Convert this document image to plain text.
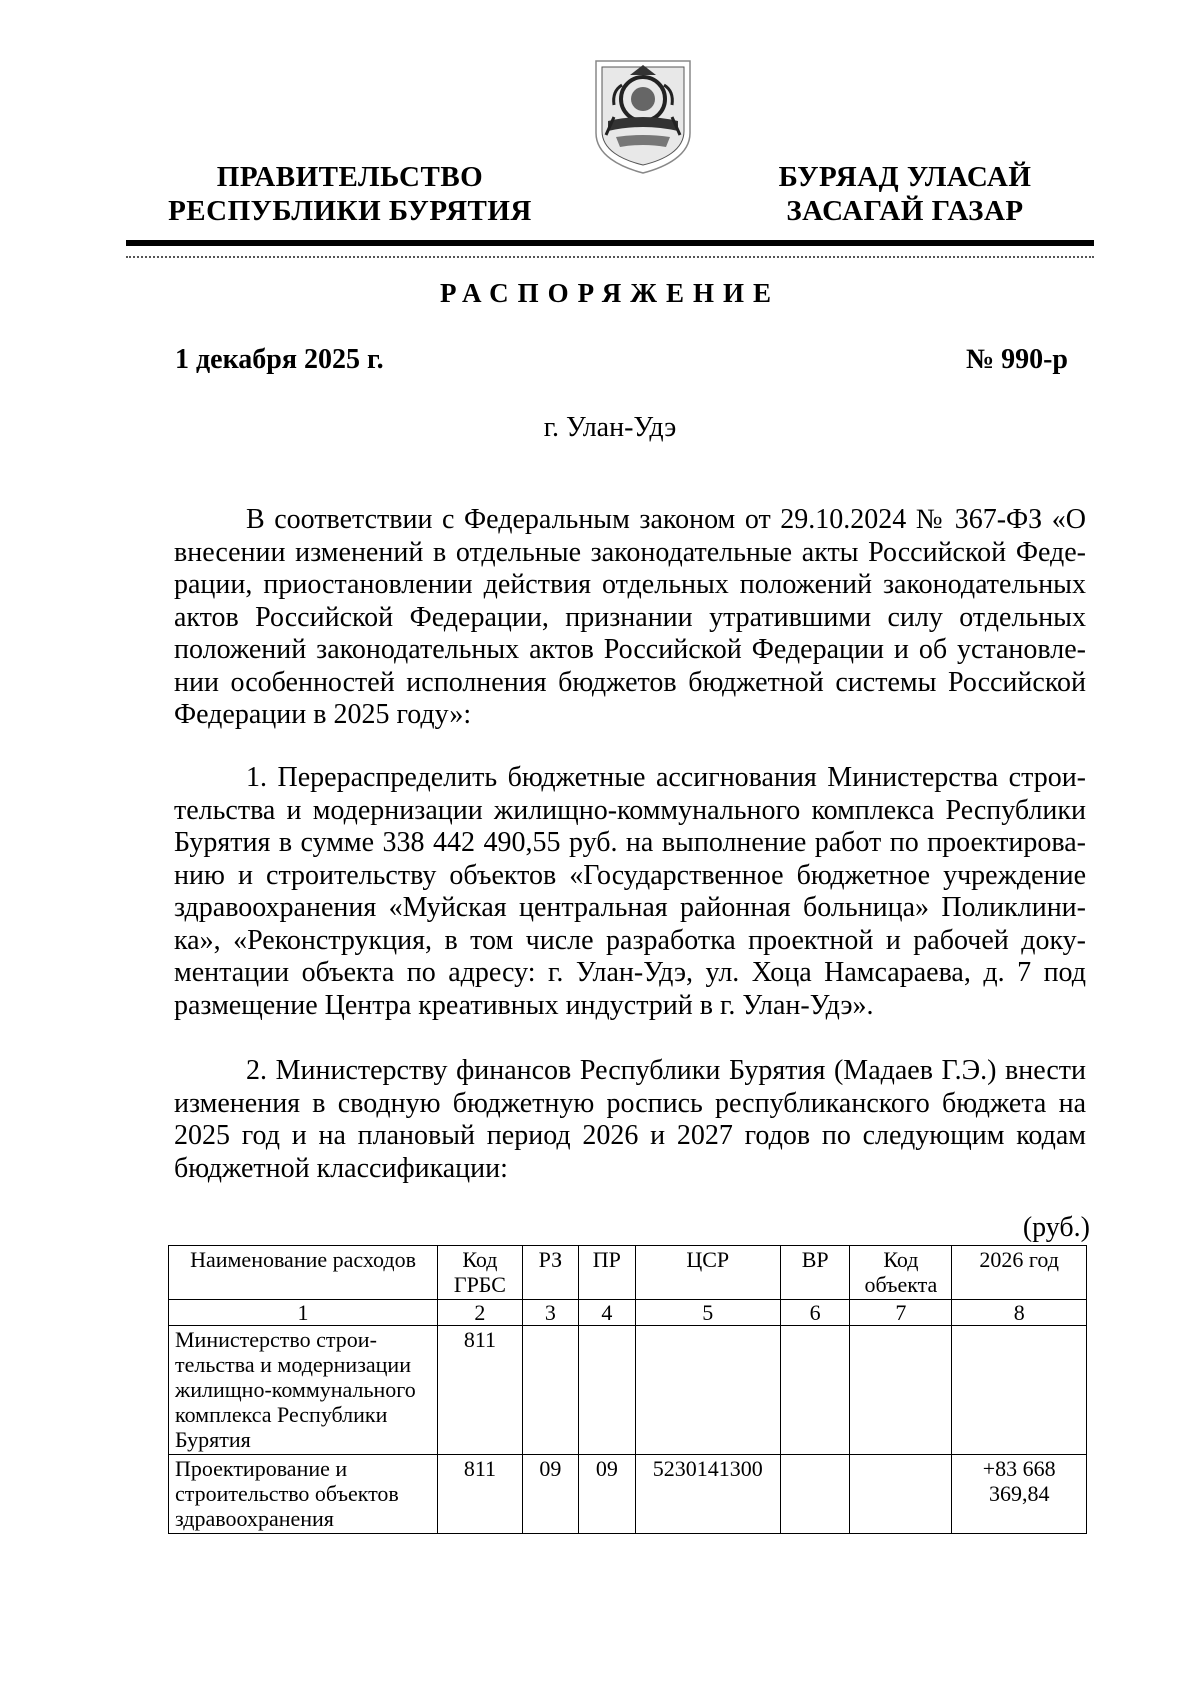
ПРАВИТЕЛЬСТВО
РЕСПУБЛИКИ БУРЯТИЯ
БУРЯАД УЛАСАЙ
ЗАСАГАЙ ГАЗАР
РАСПОРЯЖЕНИЕ
1 декабря 2025 г.	№ 990-р
г. Улан-Удэ

В соответствии с Федеральным законом от 29.10.2024 № 367-ФЗ «О внесении изменений в отдельные законодательные акты Российской Федерации, приостановлении действия отдельных положений законодательных актов Российской Федерации, признании утратившими силу отдельных положений законодательных актов Российской Федерации и об установлении особенностей исполнения бюджетов бюджетной системы Российской Федерации в 2025 году»:

1. Перераспределить бюджетные ассигнования Министерства строительства и модернизации жилищно-коммунального комплекса Республики Бурятия в сумме 338 442 490,55 руб. на выполнение работ по проектированию и строительству объектов «Государственное бюджетное учреждение здравоохранения «Муйская центральная районная больница» Поликлиника», «Реконструкция, в том числе разработка проектной и рабочей документации объекта по адресу: г. Улан-Удэ, ул. Хоца Намсараева, д. 7 под размещение Центра креативных индустрий в г. Улан-Удэ».

2. Министерству финансов Республики Бурятия (Мадаев Г.Э.) внести изменения в сводную бюджетную роспись республиканского бюджета на 2025 год и на плановый период 2026 и 2027 годов по следующим кодам бюджетной классификации:

(руб.)
Наименование расходов	Код ГРБС	РЗ	ПР	ЦСР	ВР	Код объекта	2026 год
1	2	3	4	5	6	7	8
Министерство строительства и модернизации жилищно-коммунального комплекса Республики Бурятия	811						
Проектирование и строительство объектов здравоохранения	811	09	09	5230141300			+83 668 369,84
